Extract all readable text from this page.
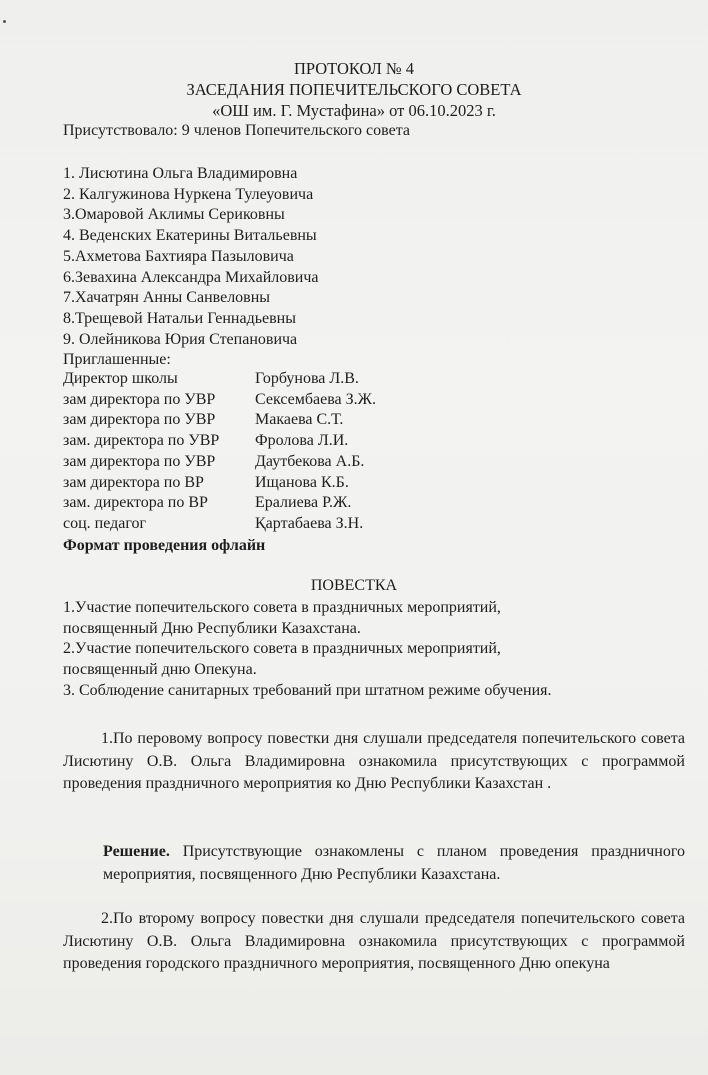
ПРОТОКОЛ № 4
ЗАСЕДАНИЯ ПОПЕЧИТЕЛЬСКОГО СОВЕТА
«ОШ им. Г. Мустафина» от 06.10.2023 г.
Присутствовало: 9 членов Попечительского совета
1. Лисютина Ольга Владимировна
2. Калгужинова Нуркена Тулеуовича
3.Омаровой Аклимы Сериковны
4. Веденских Екатерины Витальевны
5.Ахметова Бахтияра Пазыловича
6.Зевахина Александра Михайловича
7.Хачатрян Анны Санвеловны
8.Трещевой Натальи Геннадьевны
9. Олейникова Юрия Степановича
Приглашенные:
Директор школы	Горбунова Л.В.
зам директора по УВР	Сексембаева З.Ж.
зам директора по УВР	Макаева С.Т.
зам. директора по УВР	Фролова Л.И.
зам директора по УВР	Даутбекова А.Б.
зам директора по ВР	Ищанова К.Б.
зам. директора по ВР	Ералиева Р.Ж.
соц. педагог	Қартабаева З.Н.
Формат проведения офлайн
ПОВЕСТКА
1.Участие попечительского совета в праздничных мероприятий,
посвященный Дню Республики Казахстана.
2.Участие попечительского совета в праздничных мероприятий,
посвященный дню Опекуна.
3. Соблюдение санитарных требований при штатном режиме обучения.
1.По перовому вопросу повестки дня слушали председателя попечительского совета Лисютину О.В. Ольга Владимировна ознакомила присутствующих с программой проведения праздничного мероприятия ко Дню Республики Казахстан .
Решение. Присутствующие ознакомлены с планом проведения праздничного мероприятия, посвященного Дню Республики Казахстана.
2.По второму вопросу повестки дня слушали председателя попечительского совета Лисютину О.В. Ольга Владимировна ознакомила присутствующих с программой проведения городского праздничного мероприятия, посвященного Дню опекуна
